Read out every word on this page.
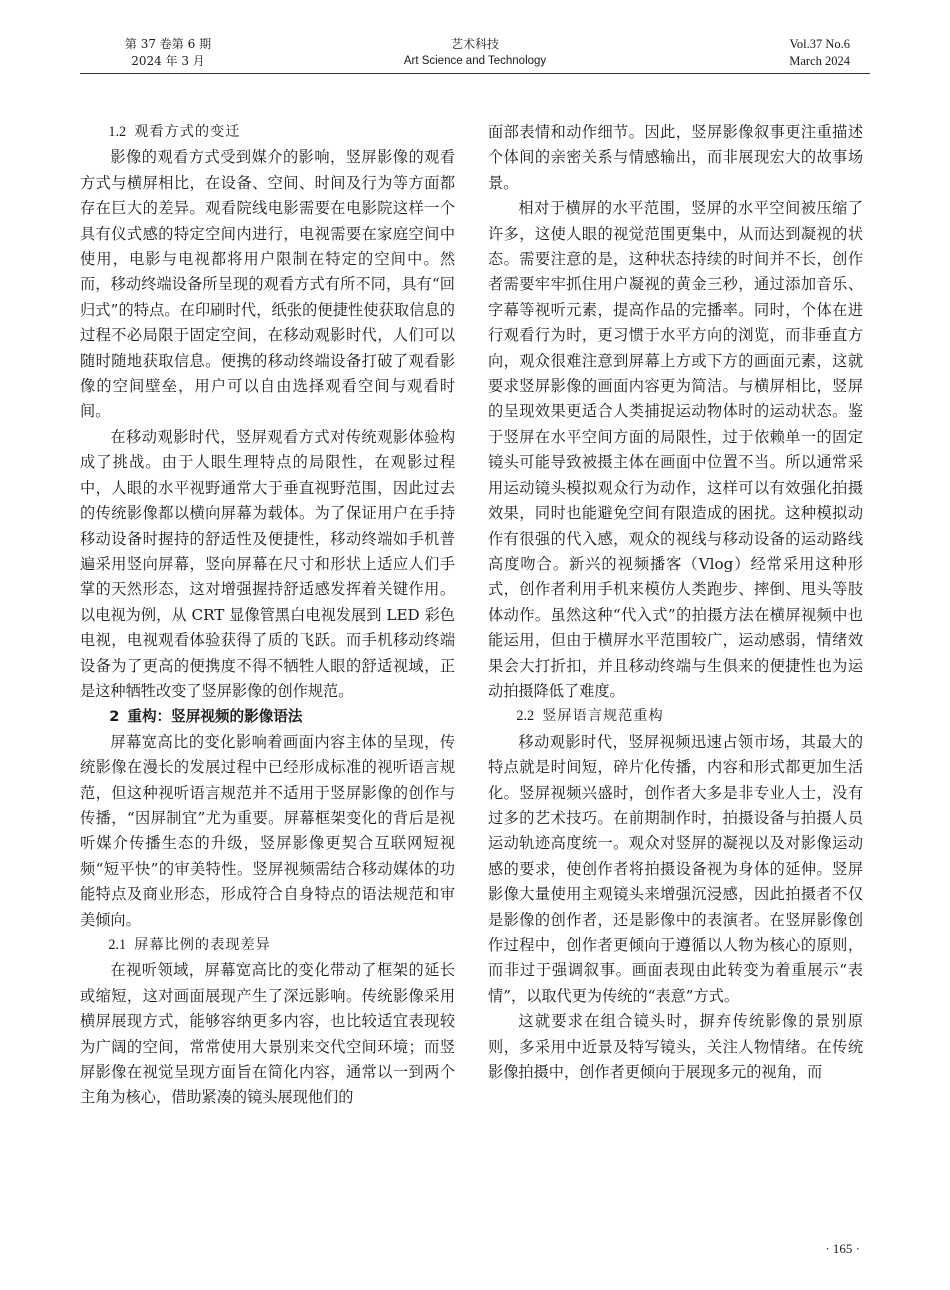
第 37 卷第 6 期
2024 年 3 月
艺术科技
Art Science and Technology
Vol.37 No.6
March 2024

1.2 观看方式的变迁

影像的观看方式受到媒介的影响，竖屏影像的观看方式与横屏相比，在设备、空间、时间及行为等方面都存在巨大的差异。观看院线电影需要在电影院这样一个具有仪式感的特定空间内进行，电视需要在家庭空间中使用，电影与电视都将用户限制在特定的空间中。然而，移动终端设备所呈现的观看方式有所不同，具有“回归式”的特点。在印刷时代，纸张的便捷性使获取信息的过程不必局限于固定空间，在移动观影时代，人们可以随时随地获取信息。便携的移动终端设备打破了观看影像的空间壁垒，用户可以自由选择观看空间与观看时间。

在移动观影时代，竖屏观看方式对传统观影体验构成了挑战。由于人眼生理特点的局限性，在观影过程中，人眼的水平视野通常大于垂直视野范围，因此过去的传统影像都以横向屏幕为载体。为了保证用户在手持移动设备时握持的舒适性及便捷性，移动终端如手机普遍采用竖向屏幕，竖向屏幕在尺寸和形状上适应人们手掌的天然形态，这对增强握持舒适感发挥着关键作用。以电视为例，从 CRT 显像管黑白电视发展到 LED 彩色电视，电视观看体验获得了质的飞跃。而手机移动终端设备为了更高的便携度不得不牺牲人眼的舒适视域，正是这种牺牲改变了竖屏影像的创作规范。

2 重构：竖屏视频的影像语法

屏幕宽高比的变化影响着画面内容主体的呈现，传统影像在漫长的发展过程中已经形成标准的视听语言规范，但这种视听语言规范并不适用于竖屏影像的创作与传播，“因屏制宜”尤为重要。屏幕框架变化的背后是视听媒介传播生态的升级，竖屏影像更契合互联网短视频“短平快”的审美特性。竖屏视频需结合移动媒体的功能特点及商业形态，形成符合自身特点的语法规范和审美倾向。

2.1 屏幕比例的表现差异

在视听领域，屏幕宽高比的变化带动了框架的延长或缩短，这对画面展现产生了深远影响。传统影像采用横屏展现方式，能够容纳更多内容，也比较适宜表现较为广阔的空间，常常使用大景别来交代空间环境；而竖屏影像在视觉呈现方面旨在简化内容，通常以一到两个主角为核心，借助紧凑的镜头展现他们的

面部表情和动作细节。因此，竖屏影像叙事更注重描述个体间的亲密关系与情感输出，而非展现宏大的故事场景。

相对于横屏的水平范围，竖屏的水平空间被压缩了许多，这使人眼的视觉范围更集中，从而达到凝视的状态。需要注意的是，这种状态持续的时间并不长，创作者需要牢牢抓住用户凝视的黄金三秒，通过添加音乐、字幕等视听元素，提高作品的完播率。同时，个体在进行观看行为时，更习惯于水平方向的浏览，而非垂直方向，观众很难注意到屏幕上方或下方的画面元素，这就要求竖屏影像的画面内容更为简洁。与横屏相比，竖屏的呈现效果更适合人类捕捉运动物体时的运动状态。鉴于竖屏在水平空间方面的局限性，过于依赖单一的固定镜头可能导致被摄主体在画面中位置不当。所以通常采用运动镜头模拟观众行为动作，这样可以有效强化拍摄效果，同时也能避免空间有限造成的困扰。这种模拟动作有很强的代入感，观众的视线与移动设备的运动路线高度吻合。新兴的视频播客（Vlog）经常采用这种形式，创作者利用手机来模仿人类跑步、摔倒、甩头等肢体动作。虽然这种“代入式”的拍摄方法在横屏视频中也能运用，但由于横屏水平范围较广，运动感弱，情绪效果会大打折扣，并且移动终端与生俱来的便捷性也为运动拍摄降低了难度。

2.2 竖屏语言规范重构

移动观影时代，竖屏视频迅速占领市场，其最大的特点就是时间短，碎片化传播，内容和形式都更加生活化。竖屏视频兴盛时，创作者大多是非专业人士，没有过多的艺术技巧。在前期制作时，拍摄设备与拍摄人员运动轨迹高度统一。观众对竖屏的凝视以及对影像运动感的要求，使创作者将拍摄设备视为身体的延伸。竖屏影像大量使用主观镜头来增强沉浸感，因此拍摄者不仅是影像的创作者，还是影像中的表演者。在竖屏影像创作过程中，创作者更倾向于遵循以人物为核心的原则，而非过于强调叙事。画面表现由此转变为着重展示“表情”，以取代更为传统的“表意”方式。

这就要求在组合镜头时，摒弃传统影像的景别原则，多采用中近景及特写镜头，关注人物情绪。在传统影像拍摄中，创作者更倾向于展现多元的视角，而

· 165 ·
